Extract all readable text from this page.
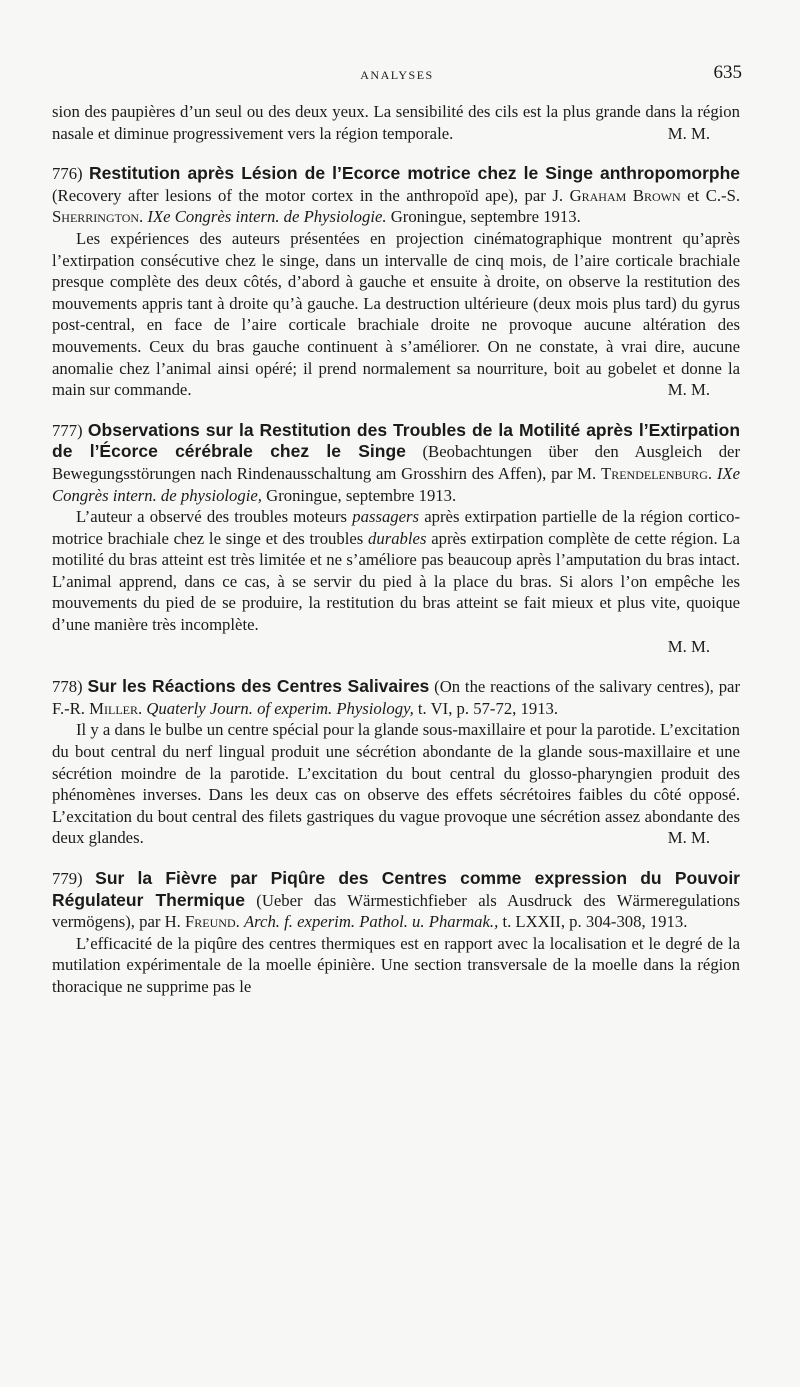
ANALYSES	635

sion des paupières d’un seul ou des deux yeux. La sensibilité des cils est la plus grande dans la région nasale et diminue progressivement vers la région temporale.	M. M.

776) Restitution après Lésion de l’Ecorce motrice chez le Singe anthropomorphe (Recovery after lesions of the motor cortex in the anthropoïd ape), par J. Graham Brown et C.-S. Sherrington. IXe Congrès intern. de Physiologie. Groningue, septembre 1913.

Les expériences des auteurs présentées en projection cinématographique montrent qu’après l’extirpation consécutive chez le singe, dans un intervalle de cinq mois, de l’aire corticale brachiale presque complète des deux côtés, d’abord à gauche et ensuite à droite, on observe la restitution des mouvements appris tant à droite qu’à gauche. La destruction ultérieure (deux mois plus tard) du gyrus post-central, en face de l’aire corticale brachiale droite ne provoque aucune altération des mouvements. Ceux du bras gauche continuent à s’améliorer. On ne constate, à vrai dire, aucune anomalie chez l’animal ainsi opéré; il prend normalement sa nourriture, boit au gobelet et donne la main sur commande.	M. M.

777) Observations sur la Restitution des Troubles de la Motilité après l’Extirpation de l’Écorce cérébrale chez le Singe (Beobachtungen über den Ausgleich der Bewegungsstörungen nach Rindenausschaltung am Grosshirn des Affen), par M. Trendelenburg. IXe Congrès intern. de physiologie, Groningue, septembre 1913.

L’auteur a observé des troubles moteurs passagers après extirpation partielle de la région cortico-motrice brachiale chez le singe et des troubles durables après extirpation complète de cette région. La motilité du bras atteint est très limitée et ne s’améliore pas beaucoup après l’amputation du bras intact. L’animal apprend, dans ce cas, à se servir du pied à la place du bras. Si alors l’on empêche les mouvements du pied de se produire, la restitution du bras atteint se fait mieux et plus vite, quoique d’une manière très incomplète.

M. M.

778) Sur les Réactions des Centres Salivaires (On the reactions of the salivary centres), par F.-R. Miller. Quaterly Journ. of experim. Physiology, t. VI, p. 57-72, 1913.

Il y a dans le bulbe un centre spécial pour la glande sous-maxillaire et pour la parotide. L’excitation du bout central du nerf lingual produit une sécrétion abondante de la glande sous-maxillaire et une sécrétion moindre de la parotide. L’excitation du bout central du glosso-pharyngien produit des phénomènes inverses. Dans les deux cas on observe des effets sécrétoires faibles du côté opposé. L’excitation du bout central des filets gastriques du vague provoque une sécrétion assez abondante des deux glandes.	M. M.

779) Sur la Fièvre par Piqûre des Centres comme expression du Pouvoir Régulateur Thermique (Ueber das Wärmestichfieber als Ausdruck des Wärmeregulations vermögens), par H. Freund. Arch. f. experim. Pathol. u. Pharmak., t. LXXII, p. 304-308, 1913.

L’efficacité de la piqûre des centres thermiques est en rapport avec la localisation et le degré de la mutilation expérimentale de la moelle épinière. Une section transversale de la moelle dans la région thoracique ne supprime pas le
